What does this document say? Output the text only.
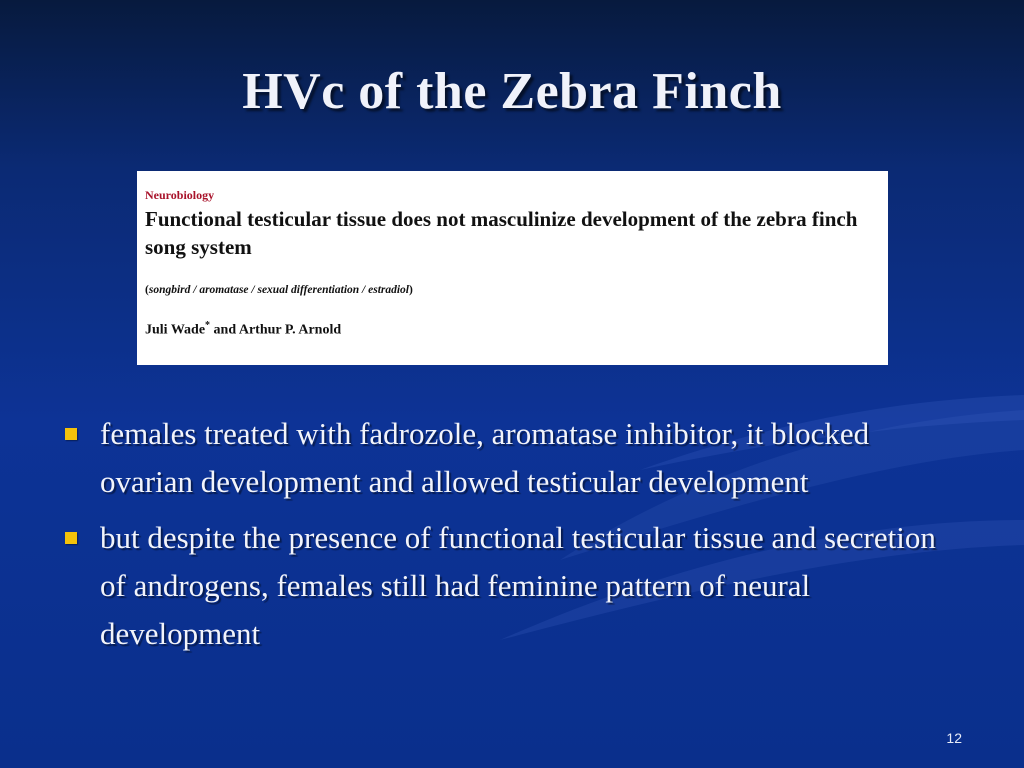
HVc of the Zebra Finch
Neurobiology
Functional testicular tissue does not masculinize development of the zebra finch song system
(songbird / aromatase / sexual differentiation / estradiol)
Juli Wade* and Arthur P. Arnold
females treated with fadrozole, aromatase inhibitor, it blocked ovarian development and allowed testicular development
but despite the presence of functional testicular tissue and secretion of androgens, females still had feminine pattern of neural development
12
